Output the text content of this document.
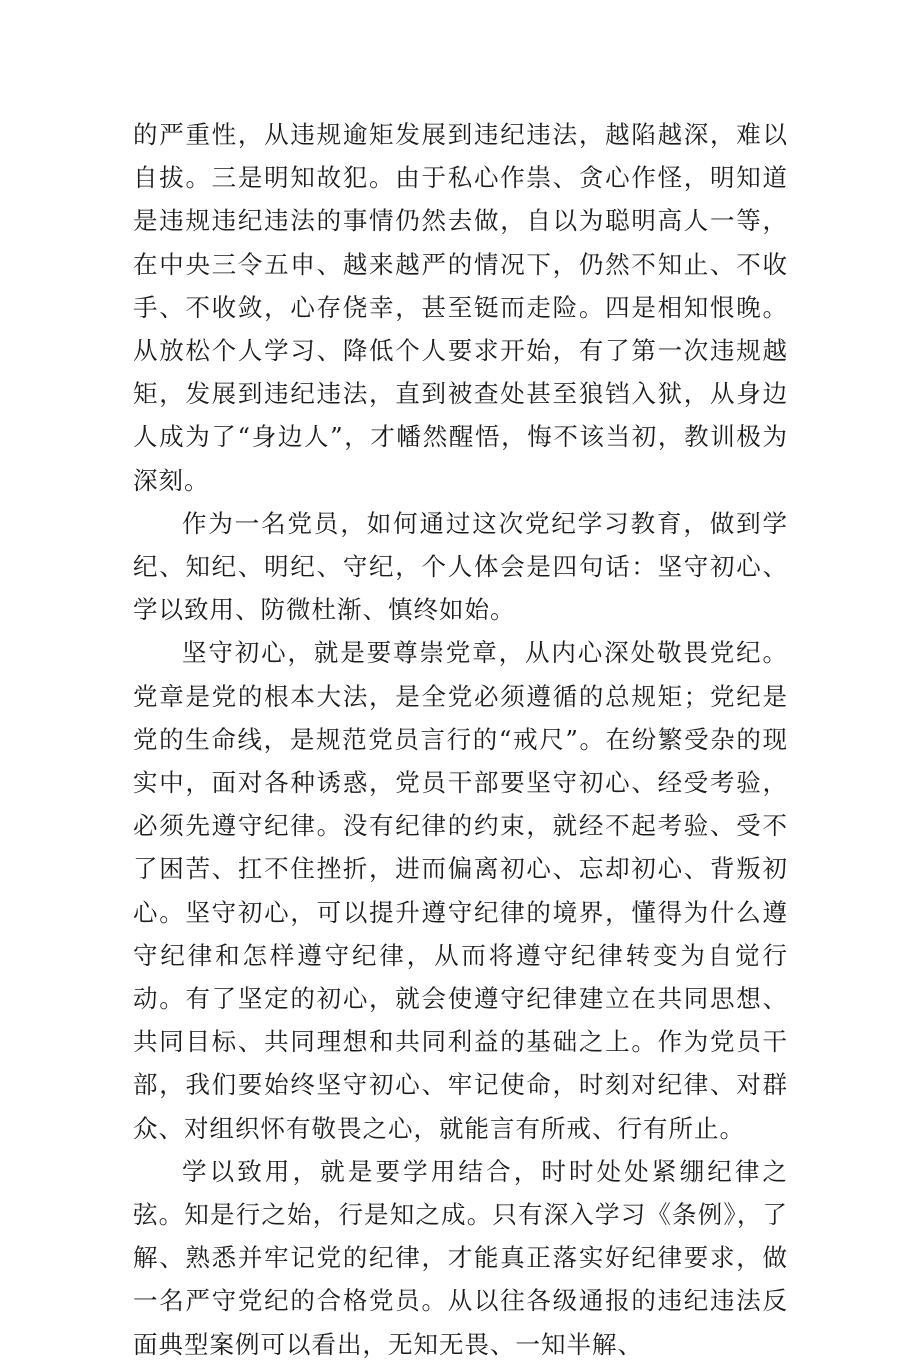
的严重性，从违规逾矩发展到违纪违法，越陷越深，难以自拔。三是明知故犯。由于私心作祟、贪心作怪，明知道是违规违纪违法的事情仍然去做，自以为聪明高人一等，在中央三令五申、越来越严的情况下，仍然不知止、不收手、不收敛，心存侥幸，甚至铤而走险。四是相知恨晚。从放松个人学习、降低个人要求开始，有了第一次违规越矩，发展到违纪违法，直到被查处甚至狼铛入狱，从身边人成为了“身边人”，才幡然醒悟，悔不该当初，教训极为深刻。

作为一名党员，如何通过这次党纪学习教育，做到学纪、知纪、明纪、守纪，个人体会是四句话：坚守初心、学以致用、防微杜渐、慎终如始。

坚守初心，就是要尊崇党章，从内心深处敬畏党纪。党章是党的根本大法，是全党必须遵循的总规矩；党纪是党的生命线，是规范党员言行的“戒尺”。在纷繁受杂的现实中，面对各种诱惑，党员干部要坚守初心、经受考验，必须先遵守纪律。没有纪律的约束，就经不起考验、受不了困苦、扛不住挫折，进而偏离初心、忘却初心、背叛初心。坚守初心，可以提升遵守纪律的境界，懂得为什么遵守纪律和怎样遵守纪律，从而将遵守纪律转变为自觉行动。有了坚定的初心，就会使遵守纪律建立在共同思想、共同目标、共同理想和共同利益的基础之上。作为党员干部，我们要始终坚守初心、牢记使命，时刻对纪律、对群众、对组织怀有敬畏之心，就能言有所戒、行有所止。

学以致用，就是要学用结合，时时处处紧绷纪律之弦。知是行之始，行是知之成。只有深入学习《条例》，了解、熟悉并牢记党的纪律，才能真正落实好纪律要求，做一名严守党纪的合格党员。从以往各级通报的违纪违法反面典型案例可以看出，无知无畏、一知半解、
